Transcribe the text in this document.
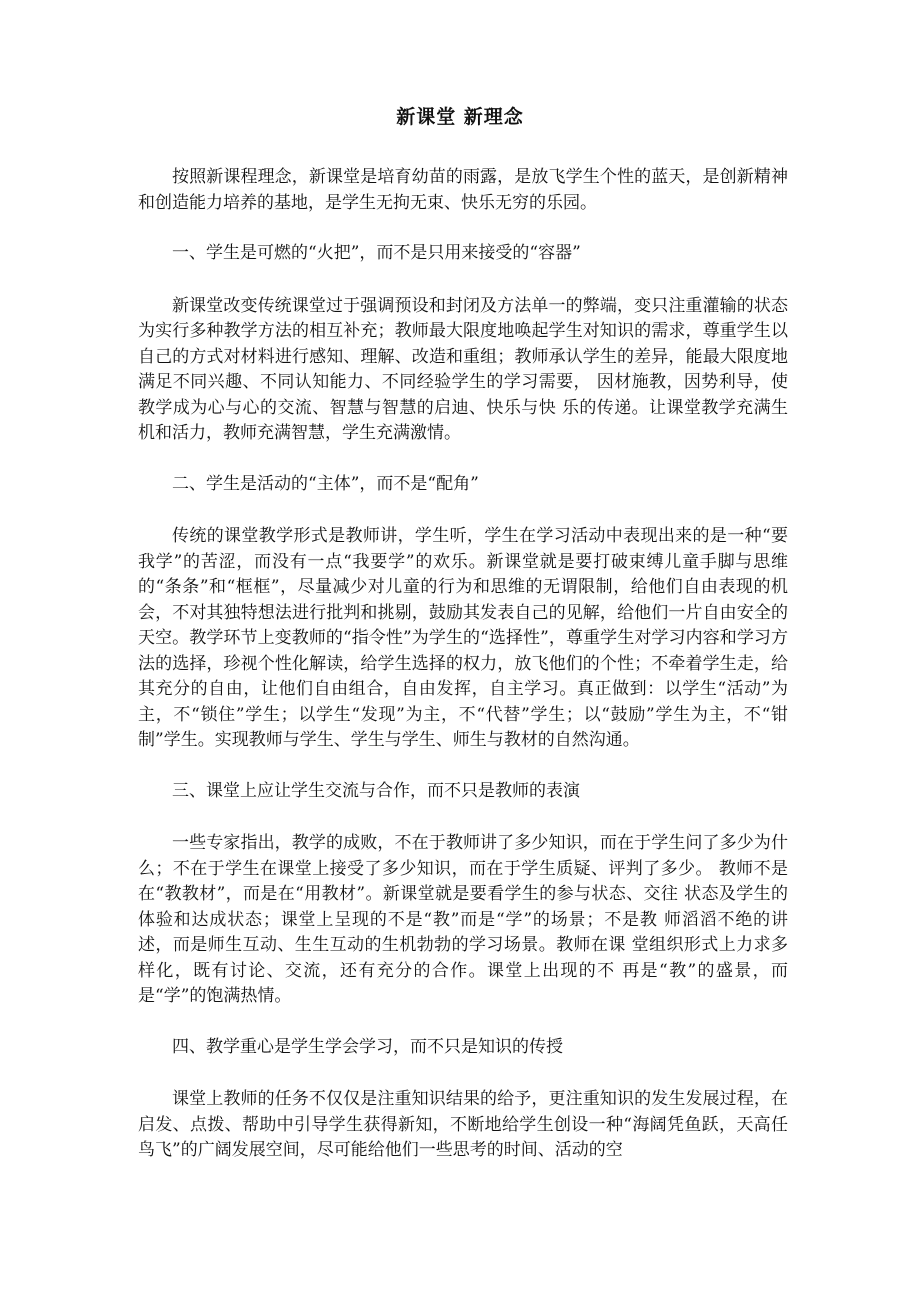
新课堂 新理念

按照新课程理念，新课堂是培育幼苗的雨露，是放飞学生个性的蓝天，是创新精神和创造能力培养的基地，是学生无拘无束、快乐无穷的乐园。

一、学生是可燃的“火把”，而不是只用来接受的“容器”

新课堂改变传统课堂过于强调预设和封闭及方法单一的弊端，变只注重灌输的状态为实行多种教学方法的相互补充；教师最大限度地唤起学生对知识的需求，尊重学生以自己的方式对材料进行感知、理解、改造和重组；教师承认学生的差异，能最大限度地满足不同兴趣、不同认知能力、不同经验学生的学习需要， 因材施教，因势利导，使教学成为心与心的交流、智慧与智慧的启迪、快乐与快 乐的传递。让课堂教学充满生机和活力，教师充满智慧，学生充满激情。

二、学生是活动的“主体”，而不是“配角”

传统的课堂教学形式是教师讲，学生听，学生在学习活动中表现出来的是一种“要我学”的苦涩，而没有一点“我要学”的欢乐。新课堂就是要打破束缚儿童手脚与思维的“条条”和“框框”，尽量减少对儿童的行为和思维的无谓限制，给他们自由表现的机会，不对其独特想法进行批判和挑剔，鼓励其发表自己的见解，给他们一片自由安全的天空。教学环节上变教师的“指令性”为学生的“选择性”，尊重学生对学习内容和学习方法的选择，珍视个性化解读，给学生选择的权力，放飞他们的个性；不牵着学生走，给其充分的自由，让他们自由组合，自由发挥，自主学习。真正做到：以学生“活动”为主，不“锁住”学生；以学生“发现”为主，不“代替”学生；以“鼓励”学生为主，不“钳制”学生。实现教师与学生、学生与学生、师生与教材的自然沟通。

三、课堂上应让学生交流与合作，而不只是教师的表演

一些专家指出，教学的成败，不在于教师讲了多少知识，而在于学生问了多少为什么；不在于学生在课堂上接受了多少知识，而在于学生质疑、评判了多少。 教师不是在“教教材”，而是在“用教材”。新课堂就是要看学生的参与状态、交往 状态及学生的体验和达成状态；课堂上呈现的不是“教”而是“学”的场景；不是教 师滔滔不绝的讲述，而是师生互动、生生互动的生机勃勃的学习场景。教师在课 堂组织形式上力求多样化，既有讨论、交流，还有充分的合作。课堂上出现的不 再是“教”的盛景，而是“学”的饱满热情。

四、教学重心是学生学会学习，而不只是知识的传授

课堂上教师的任务不仅仅是注重知识结果的给予，更注重知识的发生发展过程，在启发、点拨、帮助中引导学生获得新知，不断地给学生创设一种“海阔凭鱼跃，天高任鸟飞”的广阔发展空间，尽可能给他们一些思考的时间、活动的空
